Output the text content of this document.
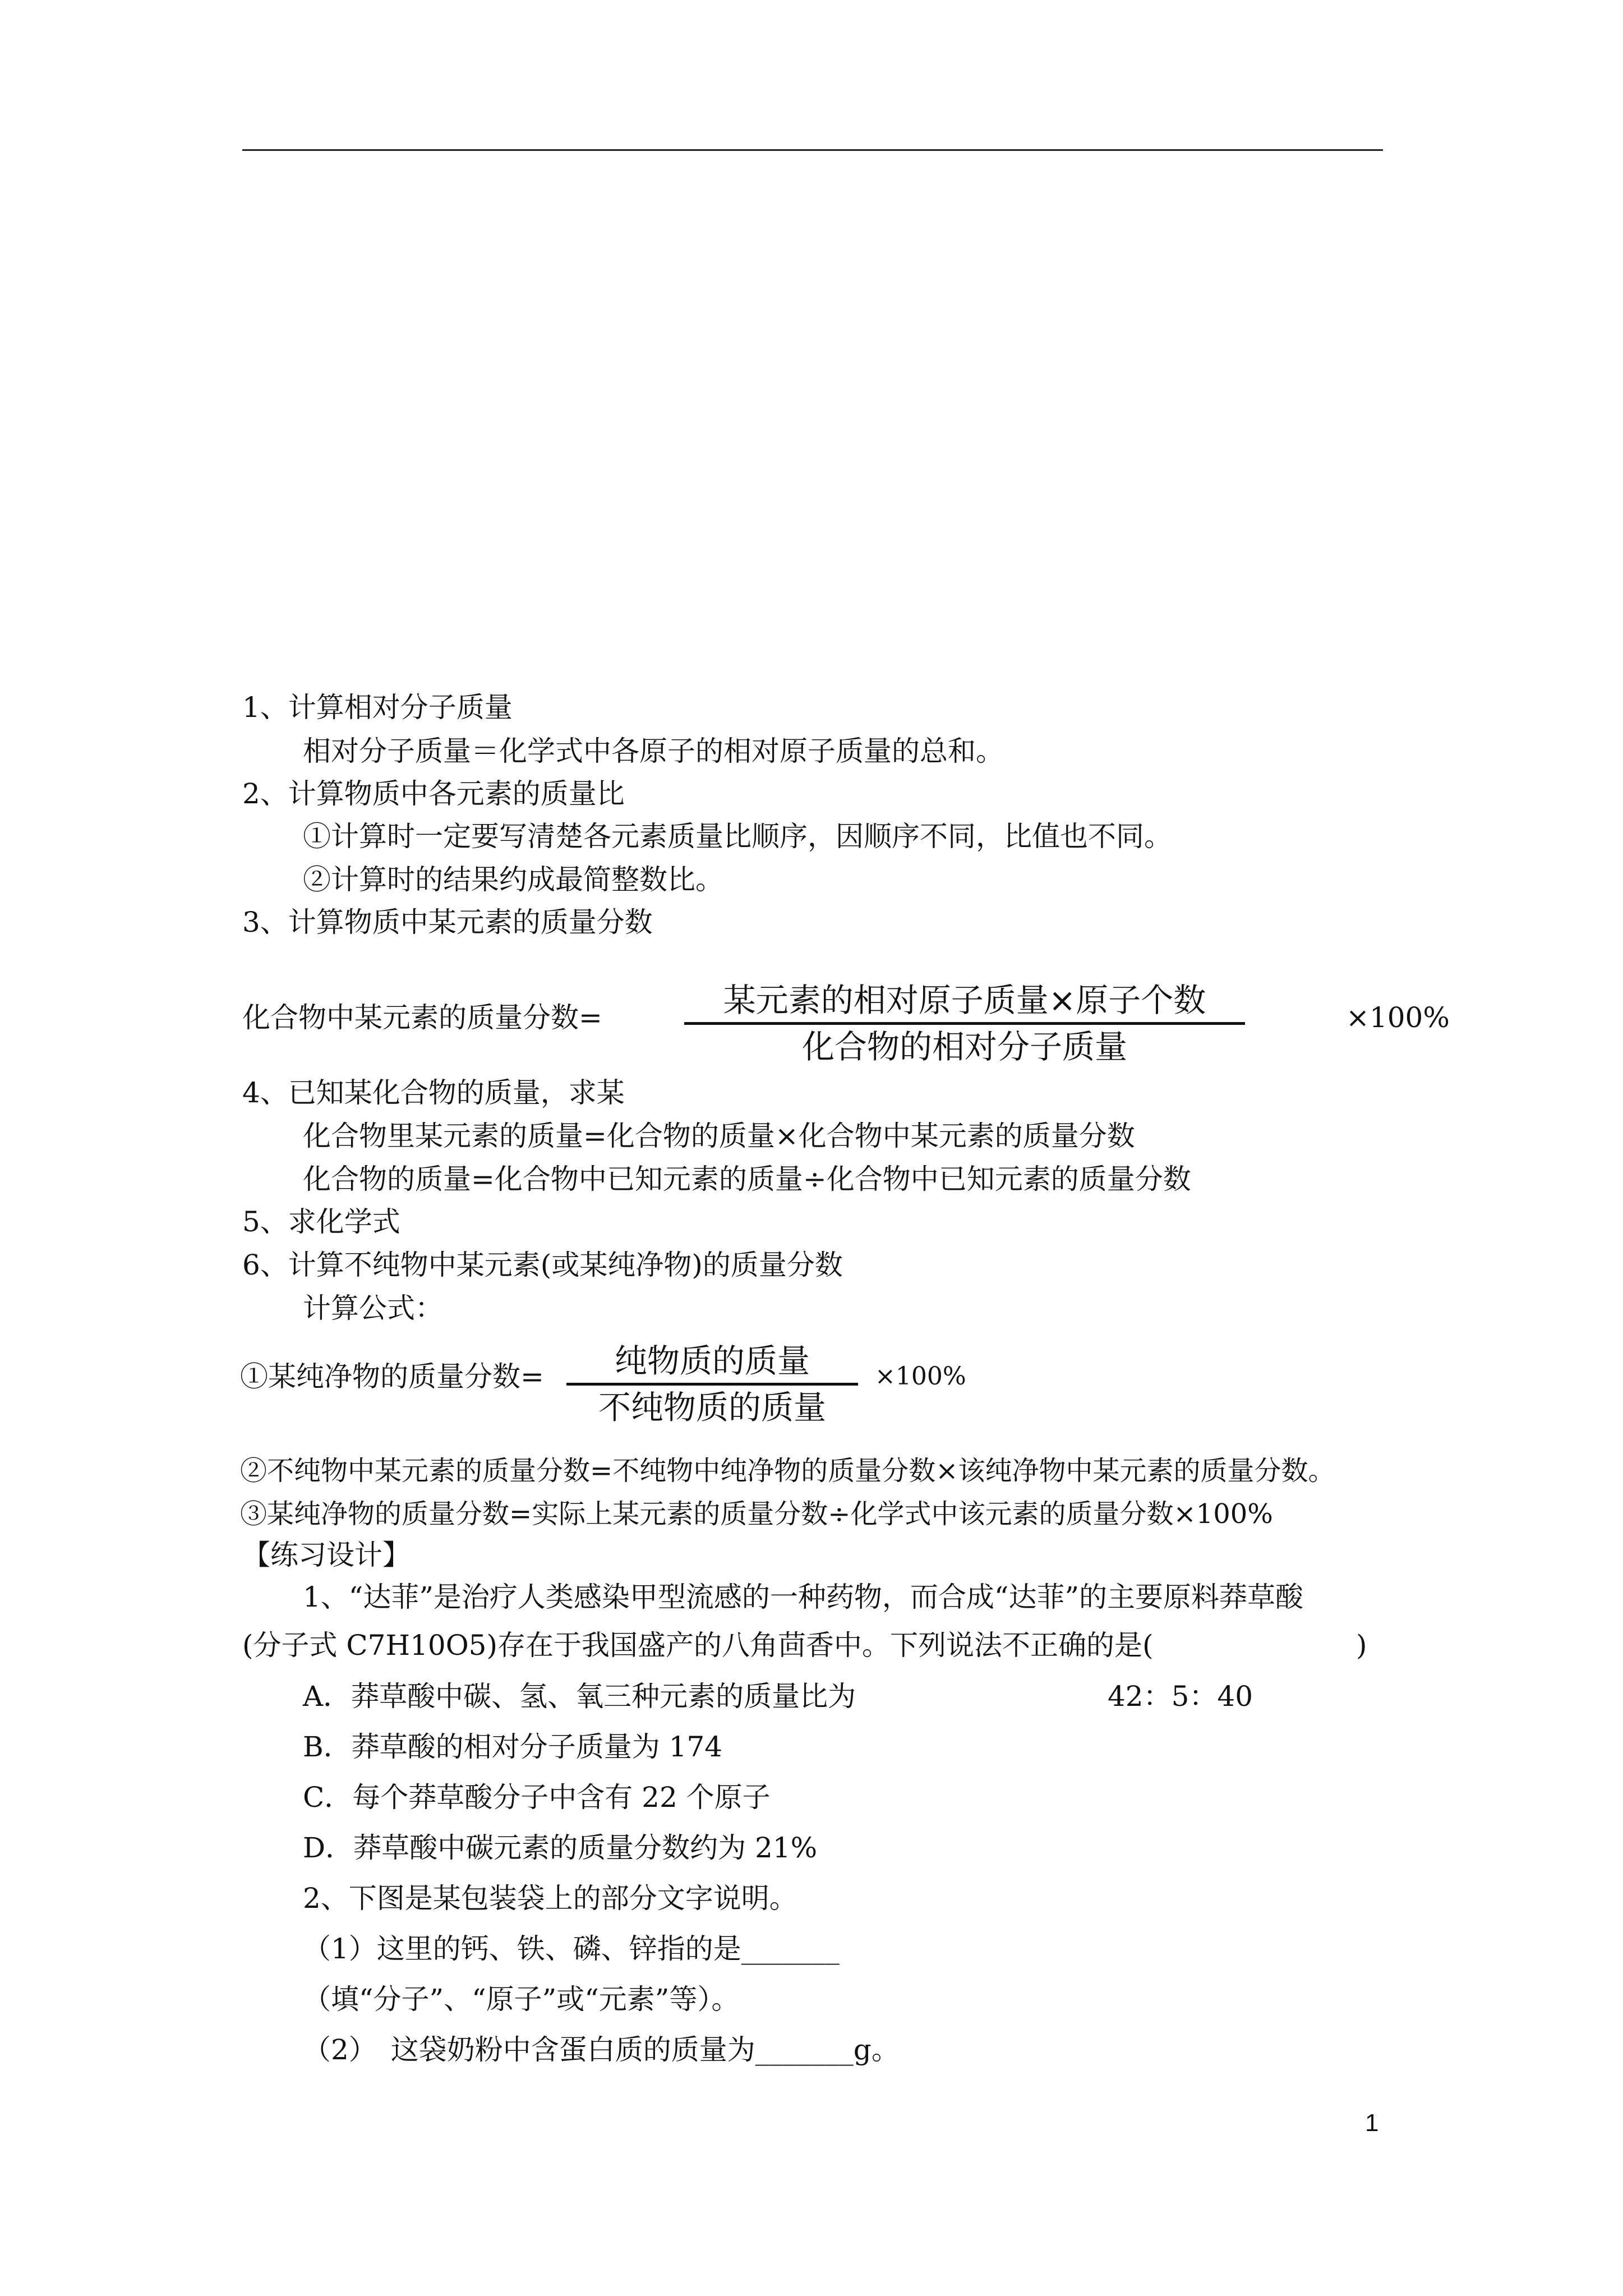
1、计算相对分子质量
相对分子质量＝化学式中各原子的相对原子质量的总和。
2、计算物质中各元素的质量比
①计算时一定要写清楚各元素质量比顺序，因顺序不同，比值也不同。
②计算时的结果约成最简整数比。
3、计算物质中某元素的质量分数
化合物中某元素的质量分数=	某元素的相对原子质量×原子个数
化合物的相对分子质量
×100%
4、已知某化合物的质量，求某
化合物里某元素的质量=化合物的质量×化合物中某元素的质量分数
化合物的质量=化合物中已知元素的质量÷化合物中已知元素的质量分数
5、求化学式
6、计算不纯物中某元素(或某纯净物)的质量分数
计算公式：
①某纯净物的质量分数=	纯物质的质量
不纯物质的质量
×100%
②不纯物中某元素的质量分数=不纯物中纯净物的质量分数×该纯净物中某元素的质量分数。
③某纯净物的质量分数=实际上某元素的质量分数÷化学式中该元素的质量分数×100%
【练习设计】
1、“达菲”是治疗人类感染甲型流感的一种药物，而合成“达菲”的主要原料莽草酸
(分子式 C7H10O5)存在于我国盛产的八角茴香中。下列说法不正确的是(	)
A．莽草酸中碳、氢、氧三种元素的质量比为	42：5：40
B．莽草酸的相对分子质量为 174
C．每个莽草酸分子中含有 22 个原子
D．莽草酸中碳元素的质量分数约为 21%
2、下图是某包装袋上的部分文字说明。
（1）这里的钙、铁、磷、锌指的是_______
（填“分子”、“原子”或“元素”等）。
（2）　这袋奶粉中含蛋白质的质量为_______g。
1
